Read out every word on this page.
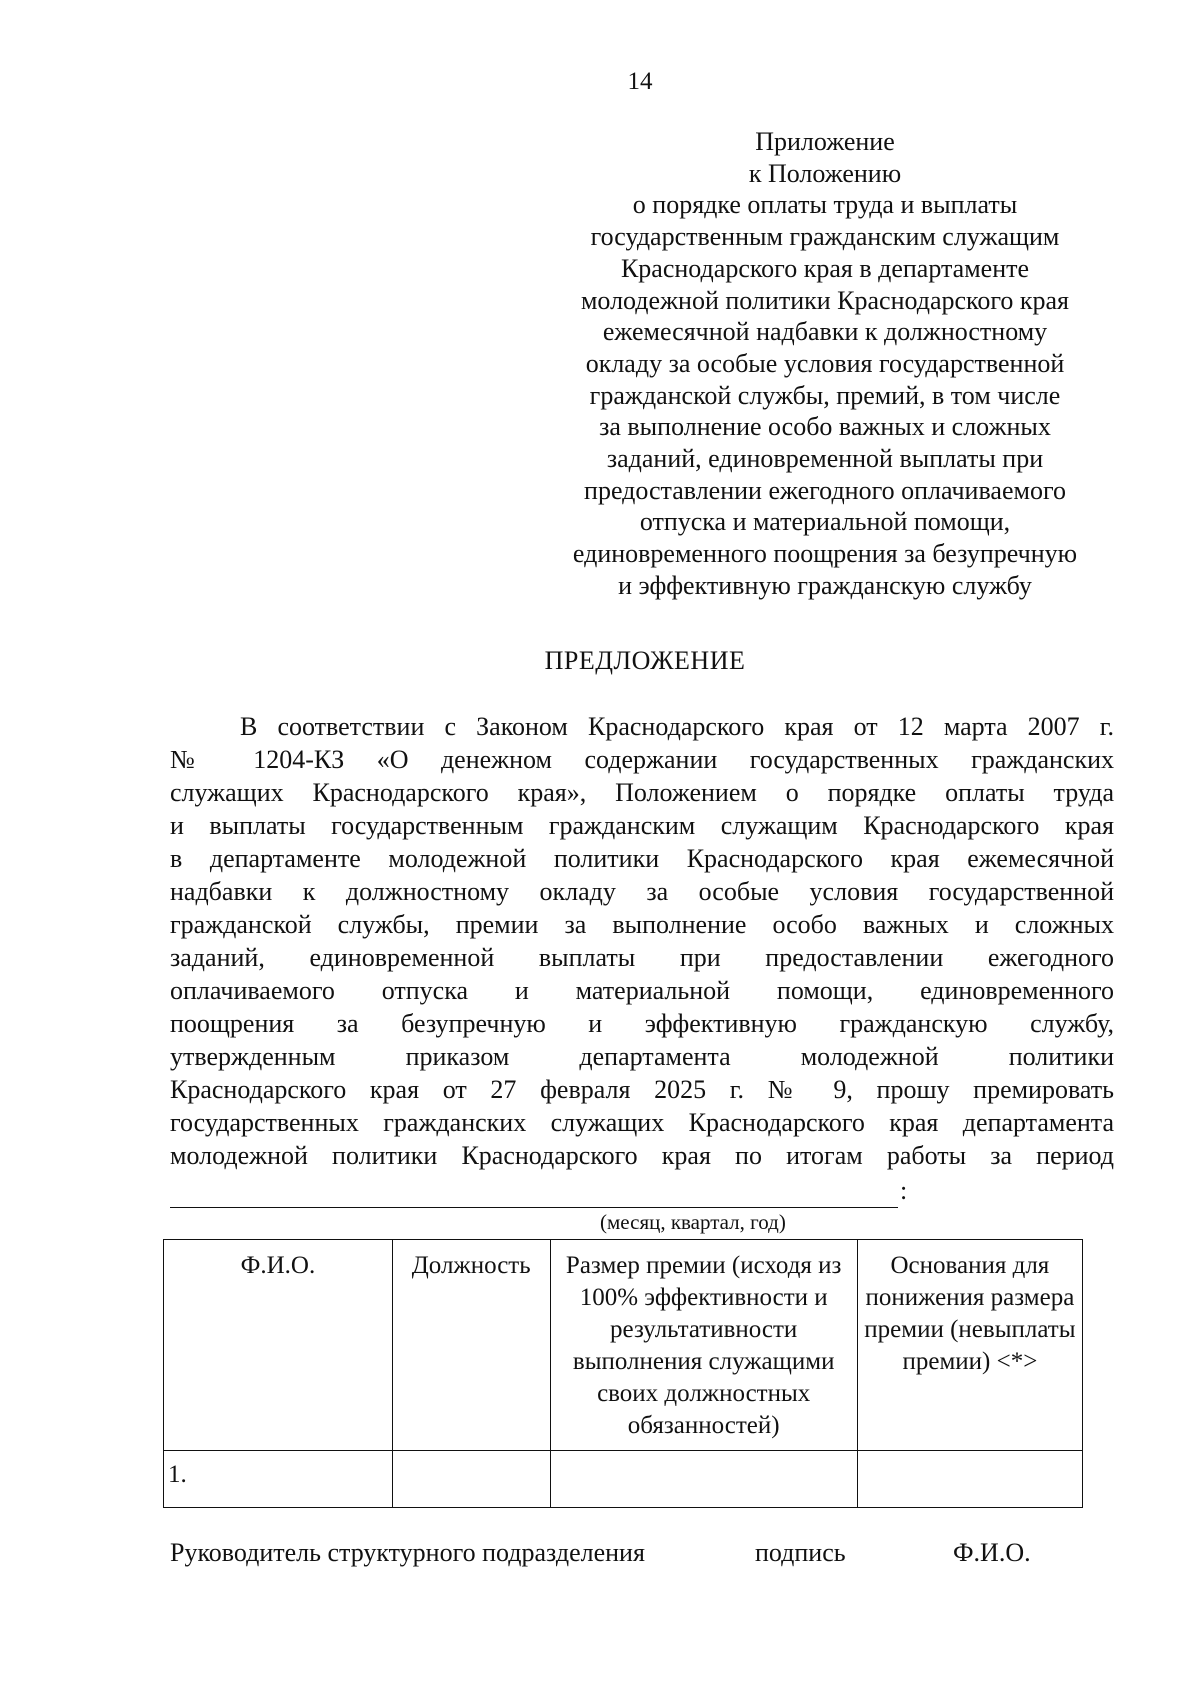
14
Приложение
к Положению
о порядке оплаты труда и выплаты
государственным гражданским служащим
Краснодарского края в департаменте
молодежной политики Краснодарского края
ежемесячной надбавки к должностному
окладу за особые условия государственной
гражданской службы, премий, в том числе
за выполнение особо важных и сложных
заданий, единовременной выплаты при
предоставлении ежегодного оплачиваемого
отпуска и материальной помощи,
единовременного поощрения за безупречную
и эффективную гражданскую службу
ПРЕДЛОЖЕНИЕ
В соответствии с Законом Краснодарского края от 12 марта 2007 г.
№ 1204-КЗ «О денежном содержании государственных гражданских
служащих Краснодарского края», Положением о порядке оплаты труда
и выплаты государственным гражданским служащим Краснодарского края
в департаменте молодежной политики Краснодарского края ежемесячной
надбавки к должностному окладу за особые условия государственной
гражданской службы, премии за выполнение особо важных и сложных
заданий, единовременной выплаты при предоставлении ежегодного
оплачиваемого отпуска и материальной помощи, единовременного
поощрения за безупречную и эффективную гражданскую службу,
утвержденным приказом департамента молодежной политики
Краснодарского края от 27 февраля 2025 г. № 9, прошу премировать
государственных гражданских служащих Краснодарского края департамента
молодежной политики Краснодарского края по итогам работы за период
:
(месяц, квартал, год)
Ф.И.О.	Должность	Размер премии (исходя из 100% эффективности и результативности выполнения служащими своих должностных обязанностей)	Основания для понижения размера премии (невыплаты премии) <*>
1.			
Руководитель структурного подразделения	подпись	Ф.И.О.
